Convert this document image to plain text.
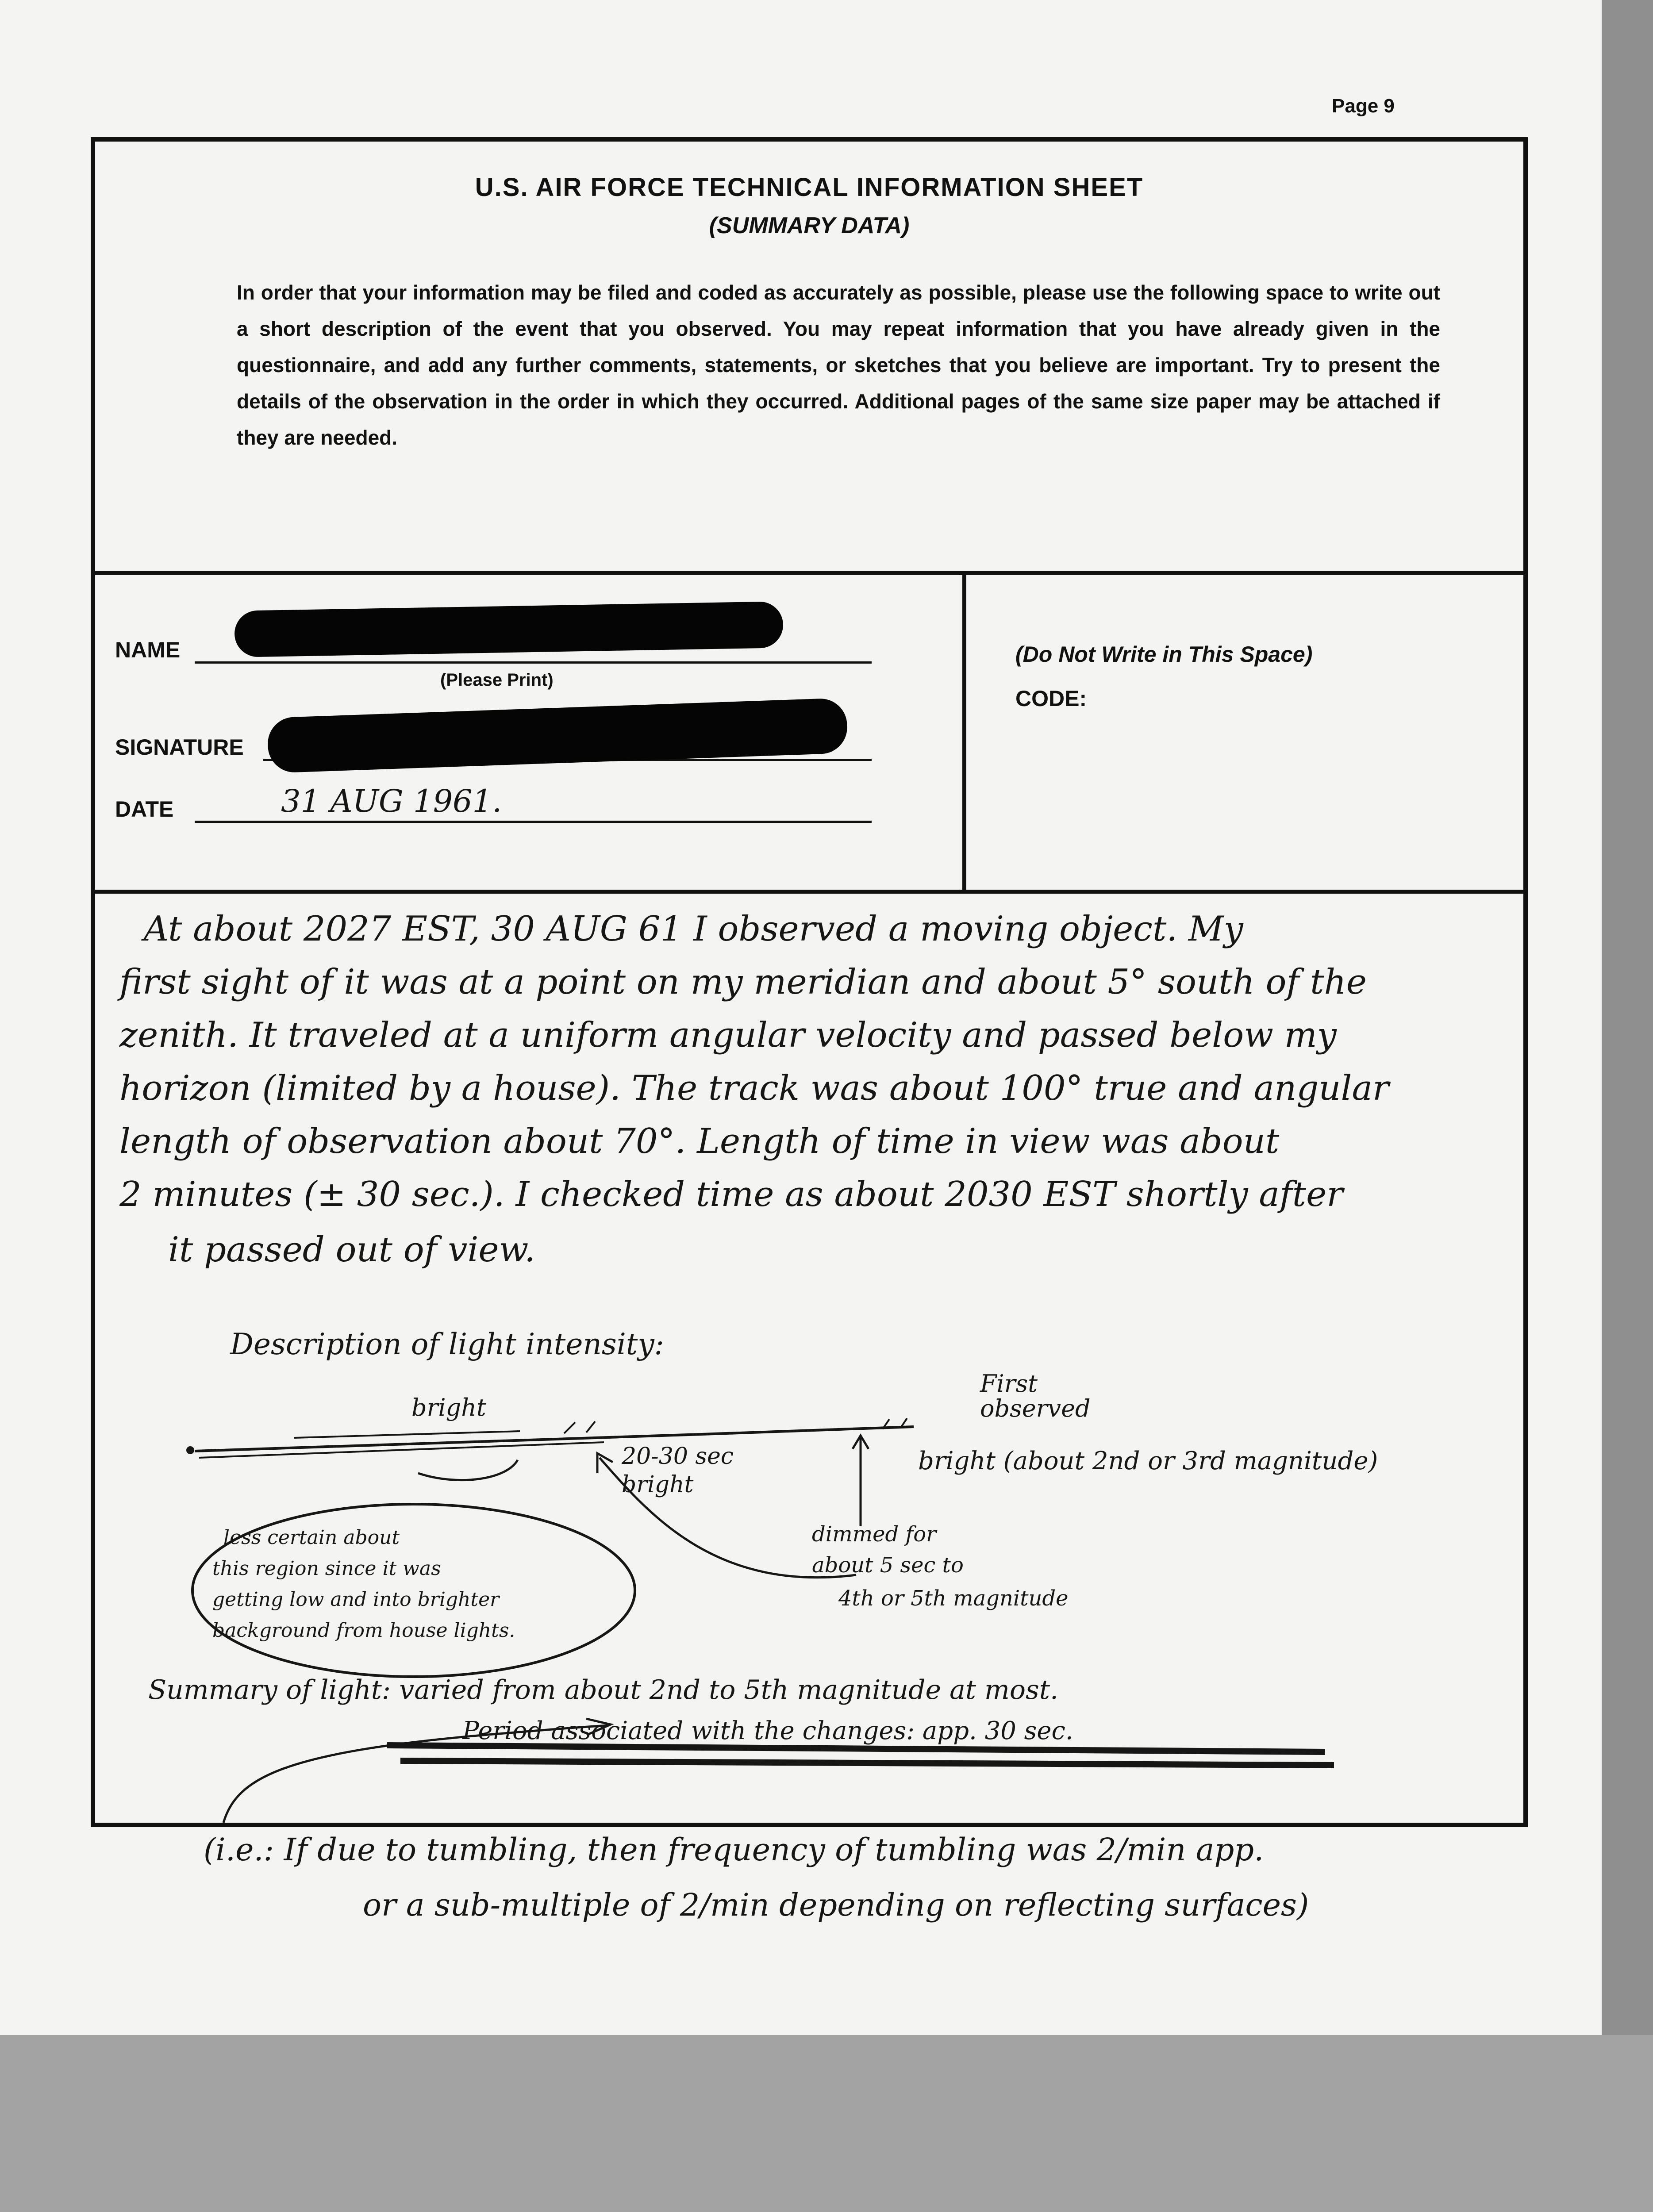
Page 9
U.S. AIR FORCE TECHNICAL INFORMATION SHEET
(SUMMARY DATA)
In order that your information may be filed and coded as accurately as possible, please use the following space to write out a short description of the event that you observed. You may repeat information that you have already given in the questionnaire, and add any further comments, statements, or sketches that you believe are important. Try to present the details of the observation in the order in which they occurred. Additional pages of the same size paper may be attached if they are needed.
NAME
(Please Print)
SIGNATURE
DATE	31 AUG 1961.
(Do Not Write in This Space)
CODE:
At about 2027 EST, 30 AUG 61 I observed a moving object. My
first sight of it was at a point on my meridian and about 5° south of the
zenith. It traveled at a uniform angular velocity and passed below my
horizon (limited by a house). The track was about 100° true and angular
length of observation about 70°. Length of time in view was about
2 minutes (± 30 sec.). I checked time as about 2030 EST shortly after
it passed out of view.
Description of light intensity:
bright
20-30 sec bright
First observed
bright (about 2nd or 3rd magnitude)
dimmed for
about 5 sec to
4th or 5th magnitude
less certain about
this region since it was
getting low and into brighter
background from house lights.
Summary of light: varied from about 2nd to 5th magnitude at most.
Period associated with the changes: app. 30 sec.
(i.e.: If due to tumbling, then frequency of tumbling was 2/min app.
or a sub-multiple of 2/min depending on reflecting surfaces)
